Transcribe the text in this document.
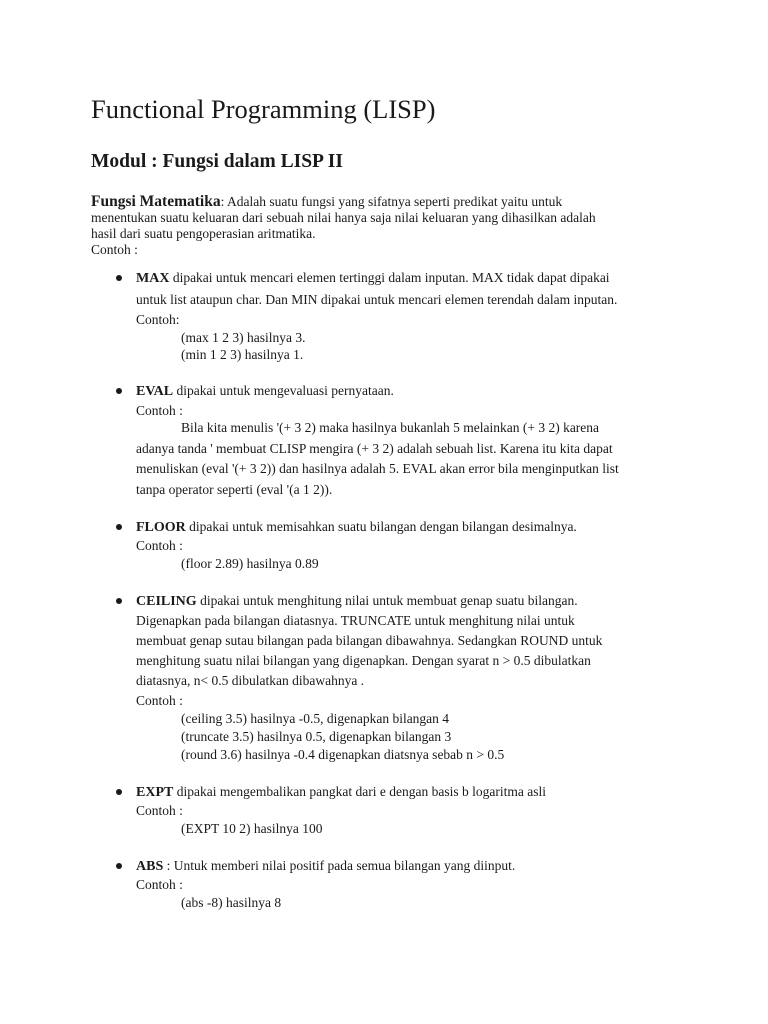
Functional Programming (LISP)
Modul : Fungsi dalam LISP II

Fungsi Matematika: Adalah suatu fungsi yang sifatnya seperti predikat yaitu untuk

menentukan suatu keluaran dari sebuah nilai hanya saja nilai keluaran yang dihasilkan adalah

hasil dari suatu pengoperasian aritmatika.

Contoh :

MAX dipakai untuk mencari elemen tertinggi dalam inputan. MAX tidak dapat dipakai

untuk list ataupun char. Dan MIN dipakai untuk mencari elemen terendah dalam inputan.

Contoh:

(max 1 2 3) hasilnya 3.

(min 1 2 3) hasilnya 1.

EVAL dipakai untuk mengevaluasi pernyataan.

Contoh :

Bila kita menulis '(+ 3 2) maka hasilnya bukanlah 5 melainkan (+ 3 2) karena

adanya tanda ' membuat CLISP mengira (+ 3 2) adalah sebuah list. Karena itu kita dapat

menuliskan (eval '(+ 3 2)) dan hasilnya adalah 5. EVAL akan error bila menginputkan list

tanpa operator seperti (eval '(a 1 2)).

FLOOR dipakai untuk memisahkan suatu bilangan dengan bilangan desimalnya.

Contoh :

(floor 2.89) hasilnya 0.89

CEILING dipakai untuk menghitung nilai untuk membuat genap suatu bilangan.

Digenapkan pada bilangan diatasnya. TRUNCATE untuk menghitung nilai untuk

membuat genap sutau bilangan pada bilangan dibawahnya. Sedangkan ROUND untuk

menghitung suatu nilai bilangan yang digenapkan. Dengan syarat n > 0.5 dibulatkan

diatasnya, n< 0.5 dibulatkan dibawahnya .

Contoh :

(ceiling 3.5) hasilnya -0.5, digenapkan bilangan 4

(truncate 3.5) hasilnya 0.5, digenapkan bilangan 3

(round 3.6) hasilnya -0.4 digenapkan diatsnya sebab n > 0.5

EXPT dipakai mengembalikan pangkat dari e dengan basis b logaritma asli

Contoh :

(EXPT 10 2) hasilnya 100

ABS : Untuk memberi nilai positif pada semua bilangan yang diinput.

Contoh :

(abs -8) hasilnya 8
